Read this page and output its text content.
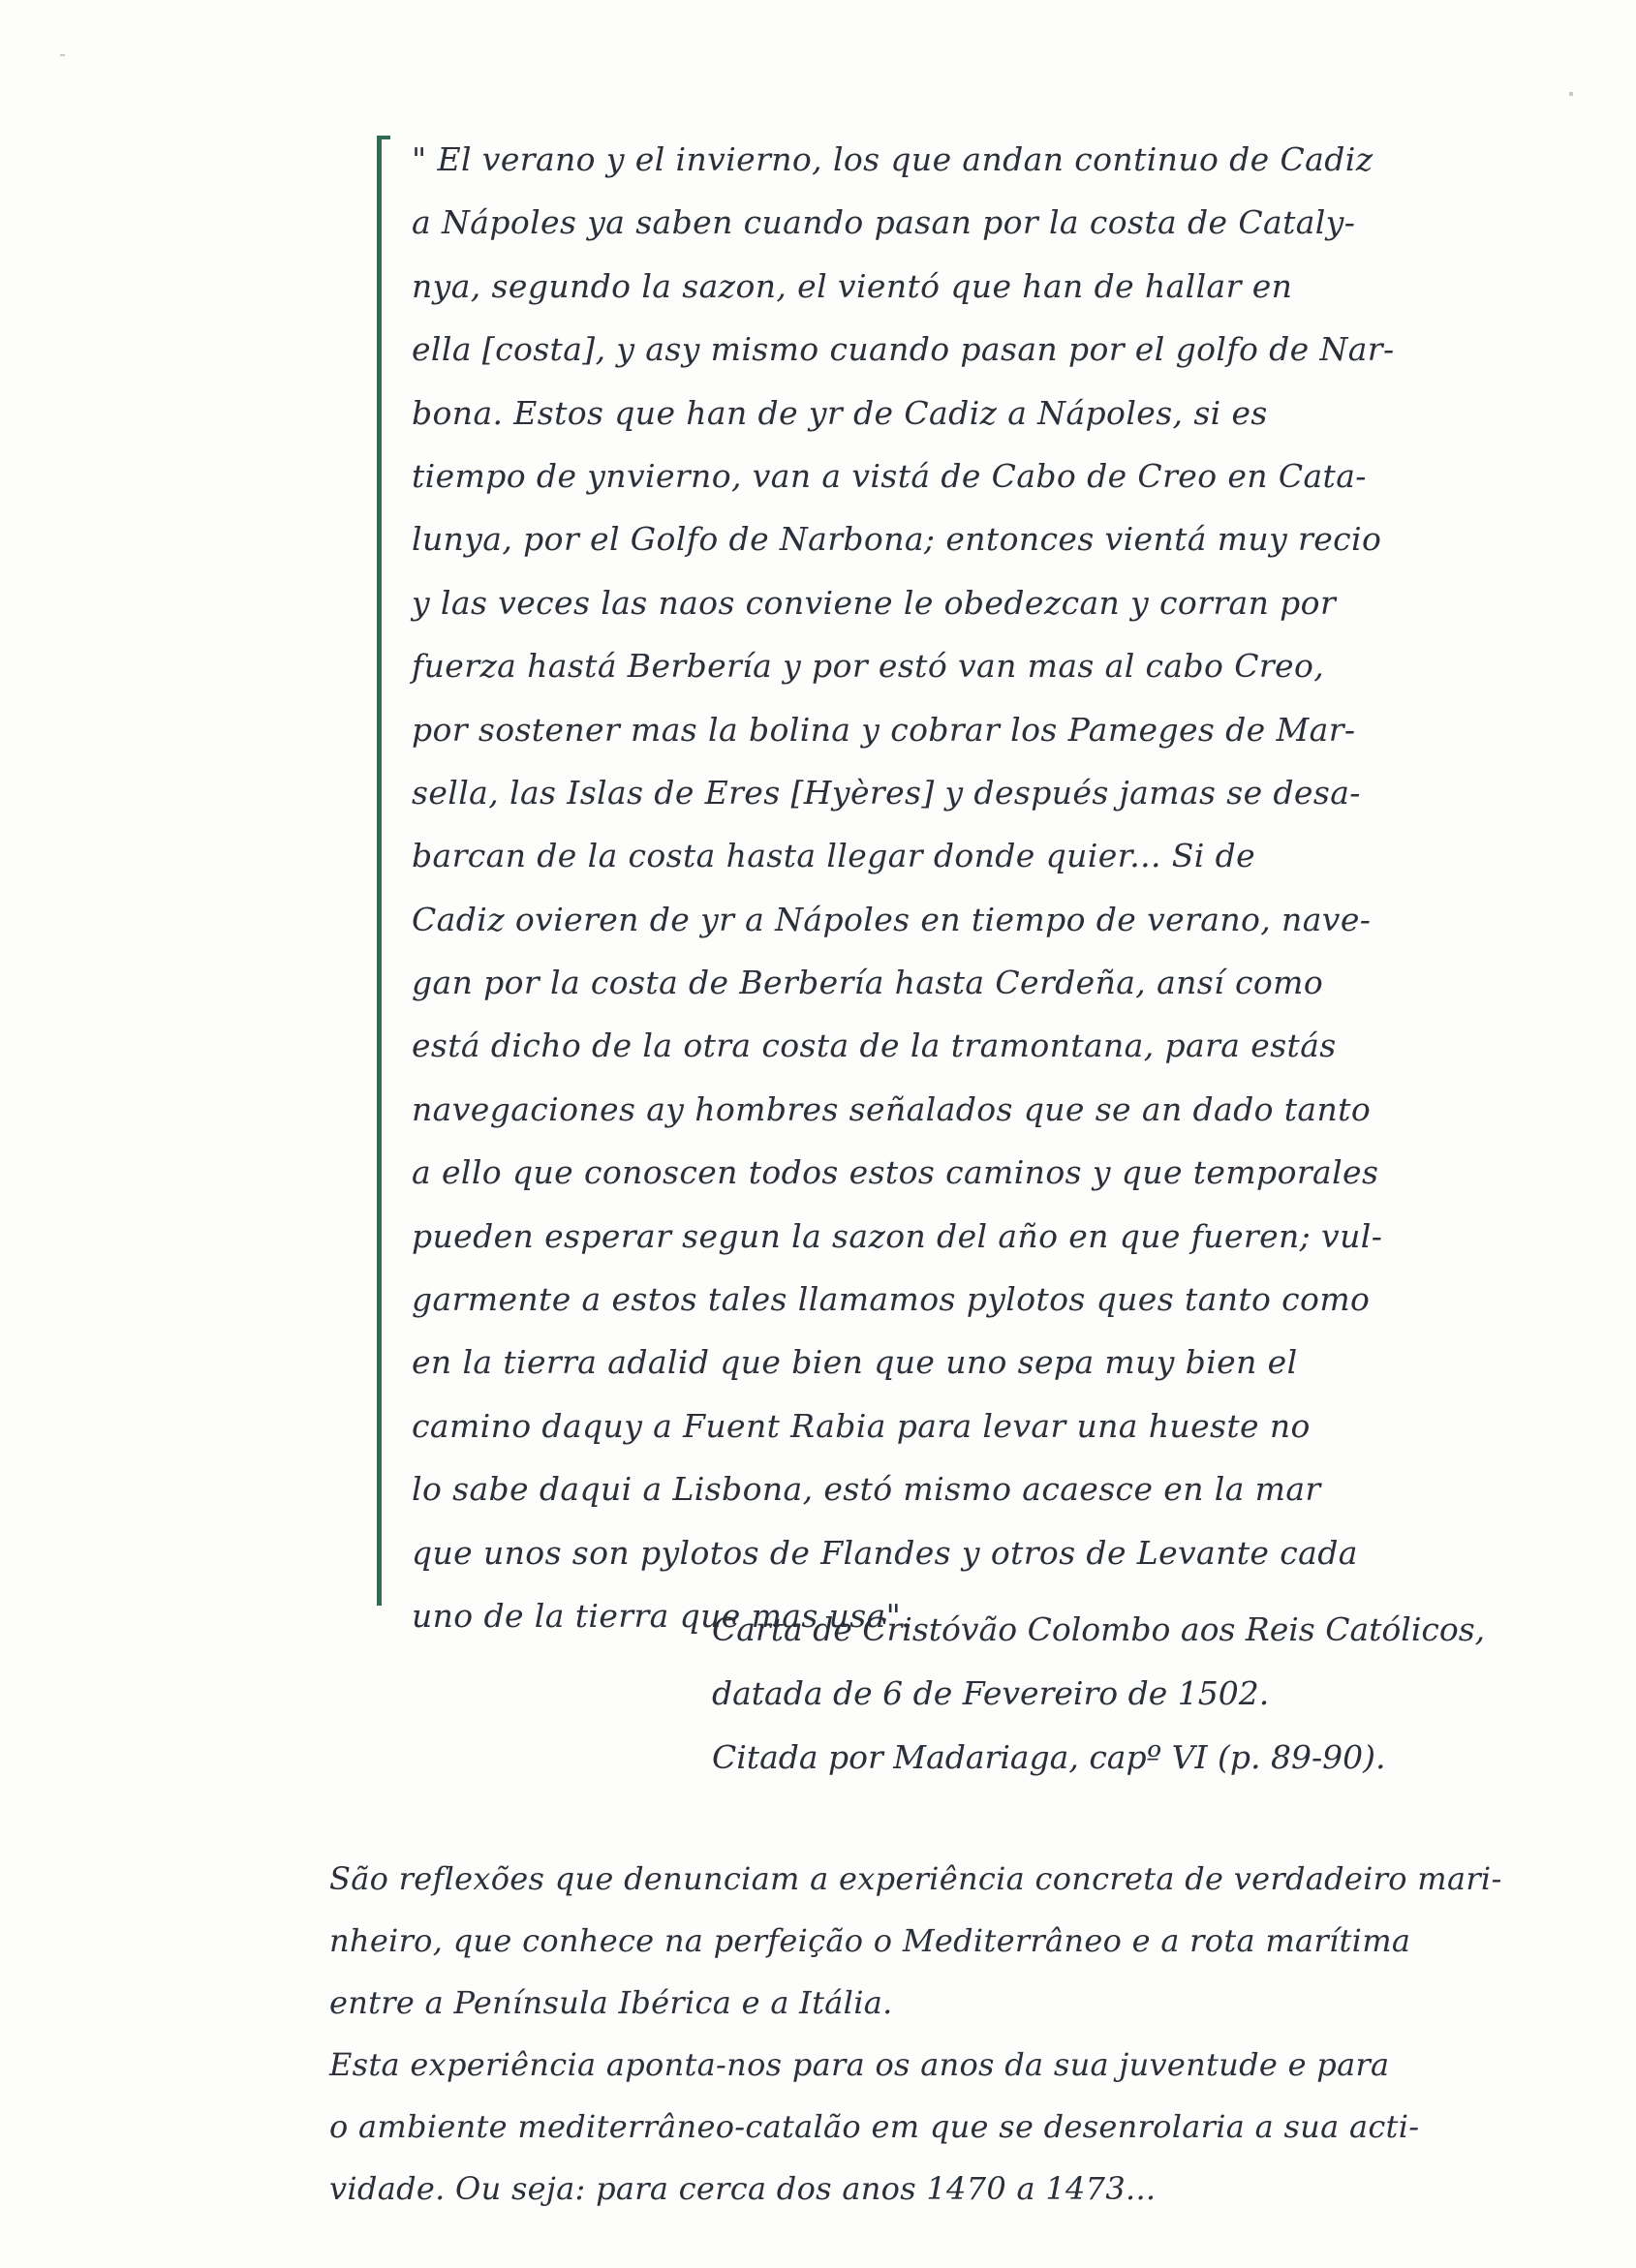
" El verano y el invierno, los que andan continuo de Cadiz
a Nápoles ya saben cuando pasan por la costa de Cataly-
nya, segundo la sazon, el vientó que han de hallar en
ella [costa], y asy mismo cuando pasan por el golfo de Nar-
bona. Estos que han de yr de Cadiz a Nápoles, si es
tiempo de ynvierno, van a vistá de Cabo de Creo en Cata-
lunya, por el Golfo de Narbona; entonces vientá muy recio
y las veces las naos conviene le obedezcan y corran por
fuerza hastá Berbería y por estó van mas al cabo Creo,
por sostener mas la bolina y cobrar los Pameges de Mar-
sella, las Islas de Eres [Hyères] y después jamas se desa-
barcan de la costa hasta llegar donde quier... Si de
Cadiz ovieren de yr a Nápoles en tiempo de verano, nave-
gan por la costa de Berbería hasta Cerdeña, ansí como
está dicho de la otra costa de la tramontana, para estás
navegaciones ay hombres señalados que se an dado tanto
a ello que conoscen todos estos caminos y que temporales
pueden esperar segun la sazon del año en que fueren; vul-
garmente a estos tales llamamos pylotos ques tanto como
en la tierra adalid que bien que uno sepa muy bien el
camino daquy a Fuent Rabia para levar una hueste no
lo sabe daqui a Lisbona, estó mismo acaesce en la mar
que unos son pylotos de Flandes y otros de Levante cada
uno de la tierra que mas usa".
Carta de Cristóvão Colombo aos Reis Católicos,
datada de 6 de Fevereiro de 1502.
Citada por Madariaga, capº VI (p. 89-90).
São reflexões que denunciam a experiência concreta de verdadeiro mari-
nheiro, que conhece na perfeição o Mediterrâneo e a rota marítima
entre a Península Ibérica e a Itália.
Esta experiência aponta-nos para os anos da sua juventude e para
o ambiente mediterrâneo-catalão em que se desenrolaria a sua acti-
vidade. Ou seja: para cerca dos anos 1470 a 1473...
